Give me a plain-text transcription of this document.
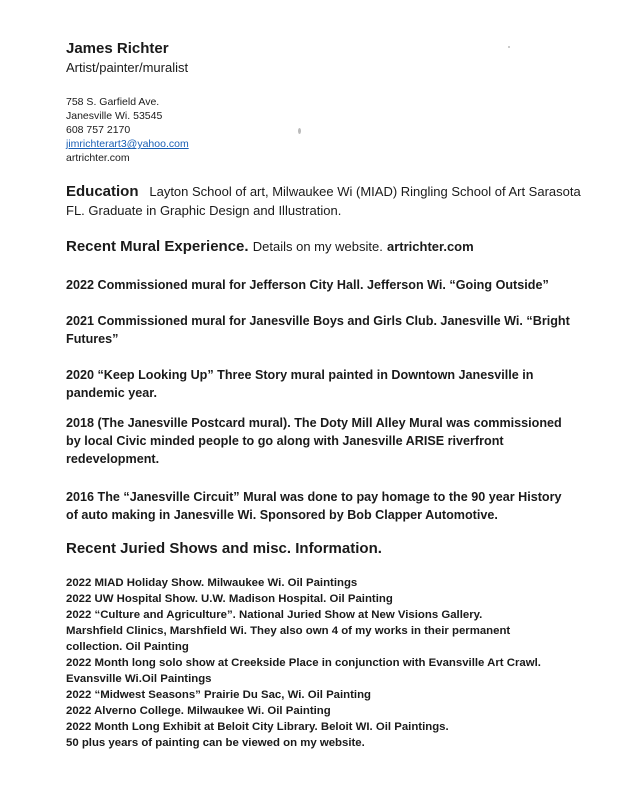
James Richter
Artist/painter/muralist
758 S. Garfield Ave.
Janesville Wi. 53545
608 757 2170
jimrichterart3@yahoo.com
artrichter.com
Education Layton School of art, Milwaukee Wi (MIAD) Ringling School of Art Sarasota FL. Graduate in Graphic Design and Illustration.
Recent Mural Experience. Details on my website. artrichter.com
2022 Commissioned mural for Jefferson City Hall. Jefferson Wi. “Going Outside”
2021 Commissioned mural for Janesville Boys and Girls Club. Janesville Wi. “Bright Futures”
2020 “Keep Looking Up” Three Story mural painted in Downtown Janesville in pandemic year.
2018 (The Janesville Postcard mural). The Doty Mill Alley Mural was commissioned by local Civic minded people to go along with Janesville ARISE riverfront redevelopment.
2016 The “Janesville Circuit” Mural was done to pay homage to the 90 year History of auto making in Janesville Wi. Sponsored by Bob Clapper Automotive.
Recent Juried Shows and misc. Information.
2022 MIAD Holiday Show. Milwaukee Wi. Oil Paintings
2022 UW Hospital Show. U.W. Madison Hospital. Oil Painting
2022 “Culture and Agriculture”. National Juried Show at New Visions Gallery.
Marshfield Clinics, Marshfield Wi. They also own 4 of my works in their permanent
collection. Oil Painting
2022 Month long solo show at Creekside Place in conjunction with Evansville Art Crawl.
Evansville Wi.Oil Paintings
2022 “Midwest Seasons” Prairie Du Sac, Wi. Oil Painting
2022 Alverno College. Milwaukee Wi. Oil Painting
2022 Month Long Exhibit at Beloit City Library. Beloit WI. Oil Paintings.
50 plus years of painting can be viewed on my website.
